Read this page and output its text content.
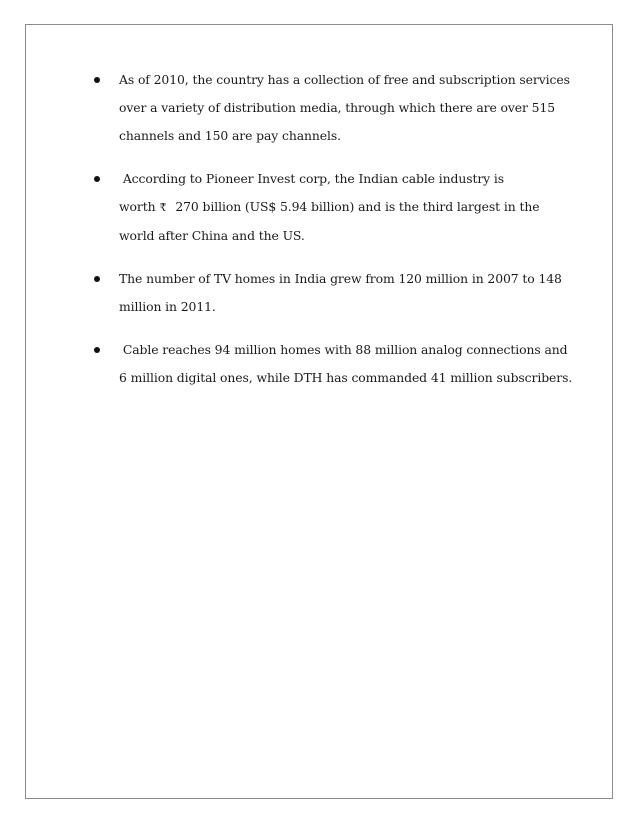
As of 2010, the country has a collection of free and subscription services
over a variety of distribution media, through which there are over 515
channels and 150 are pay channels.
According to Pioneer Invest corp, the Indian cable industry is
worth ₹ 270 billion (US$ 5.94 billion) and is the third largest in the
world after China and the US.
The number of TV homes in India grew from 120 million in 2007 to 148
million in 2011.
Cable reaches 94 million homes with 88 million analog connections and
6 million digital ones, while DTH has commanded 41 million subscribers.
